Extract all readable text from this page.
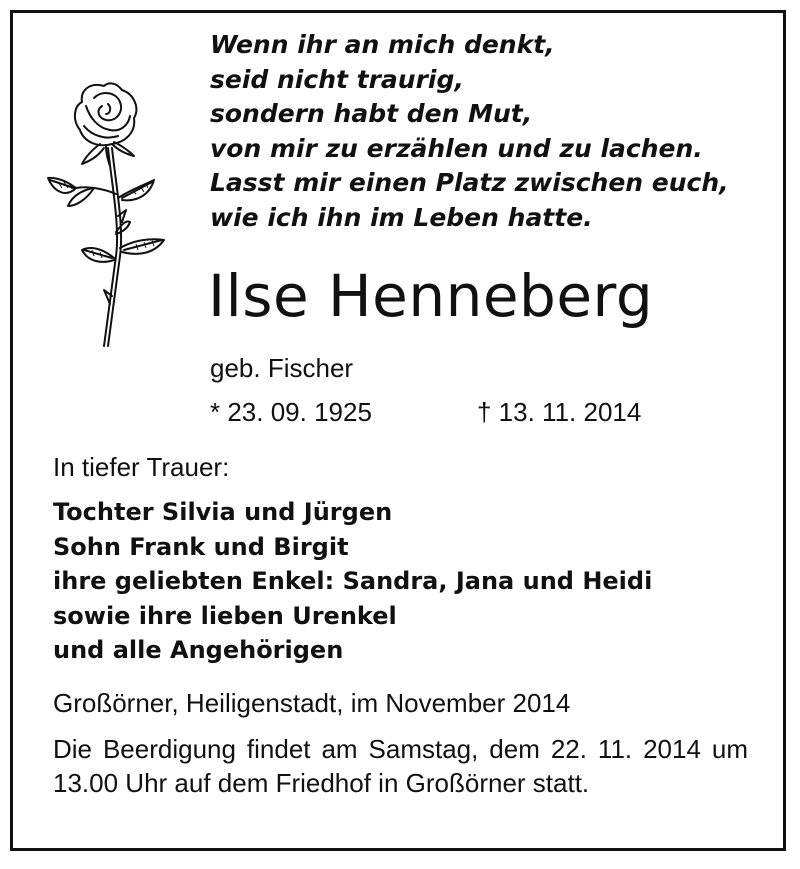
Wenn ihr an mich denkt,
seid nicht traurig,
sondern habt den Mut,
von mir zu erzählen und zu lachen.
Lasst mir einen Platz zwischen euch,
wie ich ihn im Leben hatte.
Ilse Henneberg
geb. Fischer
* 23. 09. 1925	† 13. 11. 2014
In tiefer Trauer:
Tochter Silvia und Jürgen
Sohn Frank und Birgit
ihre geliebten Enkel: Sandra, Jana und Heidi
sowie ihre lieben Urenkel
und alle Angehörigen
Großörner, Heiligenstadt, im November 2014
Die Beerdigung findet am Samstag, dem 22. 11. 2014 um 13.00 Uhr auf dem Friedhof in Großörner statt.
